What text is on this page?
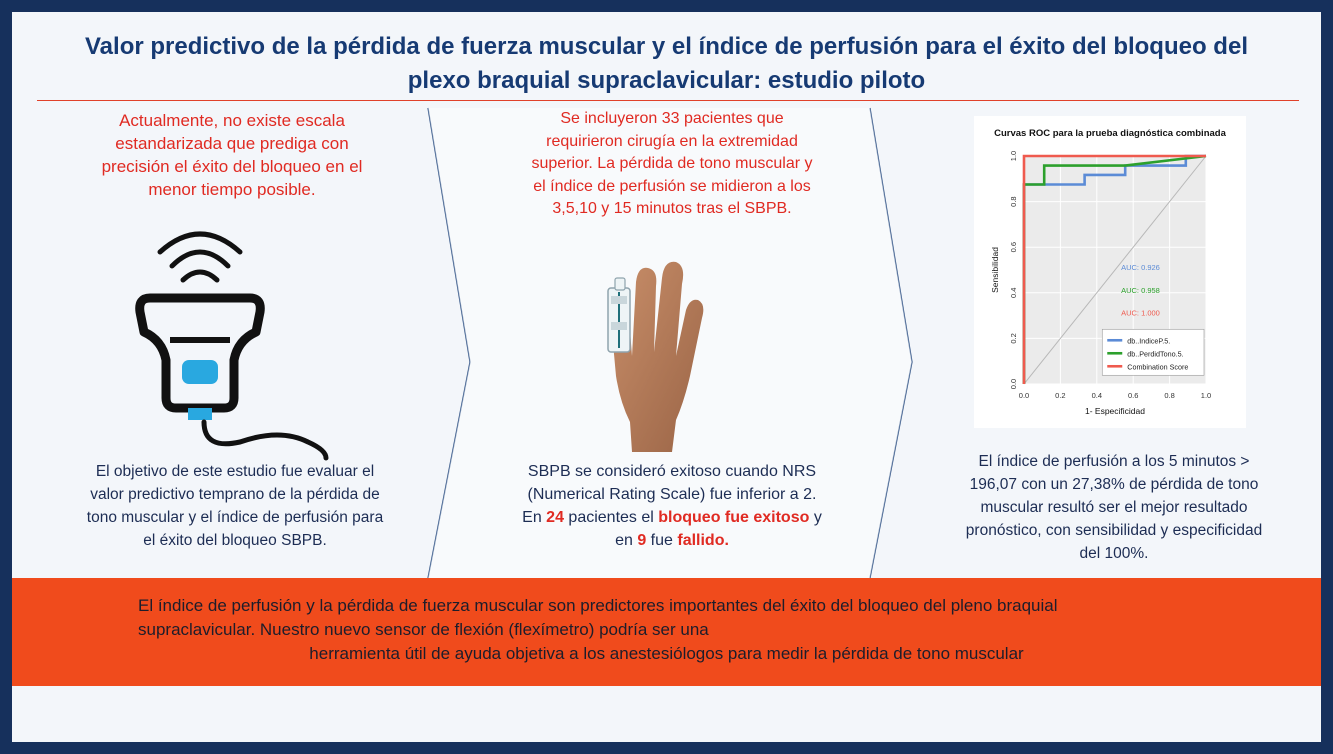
Valor predictivo de la pérdida de fuerza muscular y el índice de perfusión para el éxito del bloqueo del
plexo braquial supraclavicular: estudio piloto
Actualmente, no existe escala
estandarizada que prediga con
precisión el éxito del bloqueo en el
menor tiempo posible.
El objetivo de este estudio fue evaluar el
valor predictivo temprano de la pérdida de
tono muscular y el índice de perfusión para
el éxito del bloqueo SBPB.
Se incluyeron 33 pacientes que
requirieron cirugía en la extremidad
superior. La pérdida de tono muscular y
el índice de perfusión se midieron a los
3,5,10 y 15 minutos tras el SBPB.
SBPB se consideró exitoso cuando NRS
(Numerical Rating Scale) fue inferior a 2.
En 24 pacientes el bloqueo fue exitoso y
en 9 fue fallido.
Curvas ROC para la prueba diagnóstica combinada
0.0
0.0
0.2
0.2
0.4
0.4
0.6
0.6
0.8
0.8
1.0
1.0
1- Especificidad
Sensibilidad	AUC: 0.926
AUC: 0.958
AUC: 1.000
db..IndiceP.5.
db..PerdidTono.5.
Combination Score
El índice de perfusión a los 5 minutos >
196,07 con un 27,38% de pérdida de tono
muscular resultó ser el mejor resultado
pronóstico, con sensibilidad y especificidad
del 100%.
El índice de perfusión y la pérdida de fuerza muscular son predictores importantes del éxito del bloqueo del pleno braquial
supraclavicular. Nuestro nuevo sensor de flexión (flexímetro) podría ser una
herramienta útil de ayuda objetiva a los anestesiólogos para medir la pérdida de tono muscular
